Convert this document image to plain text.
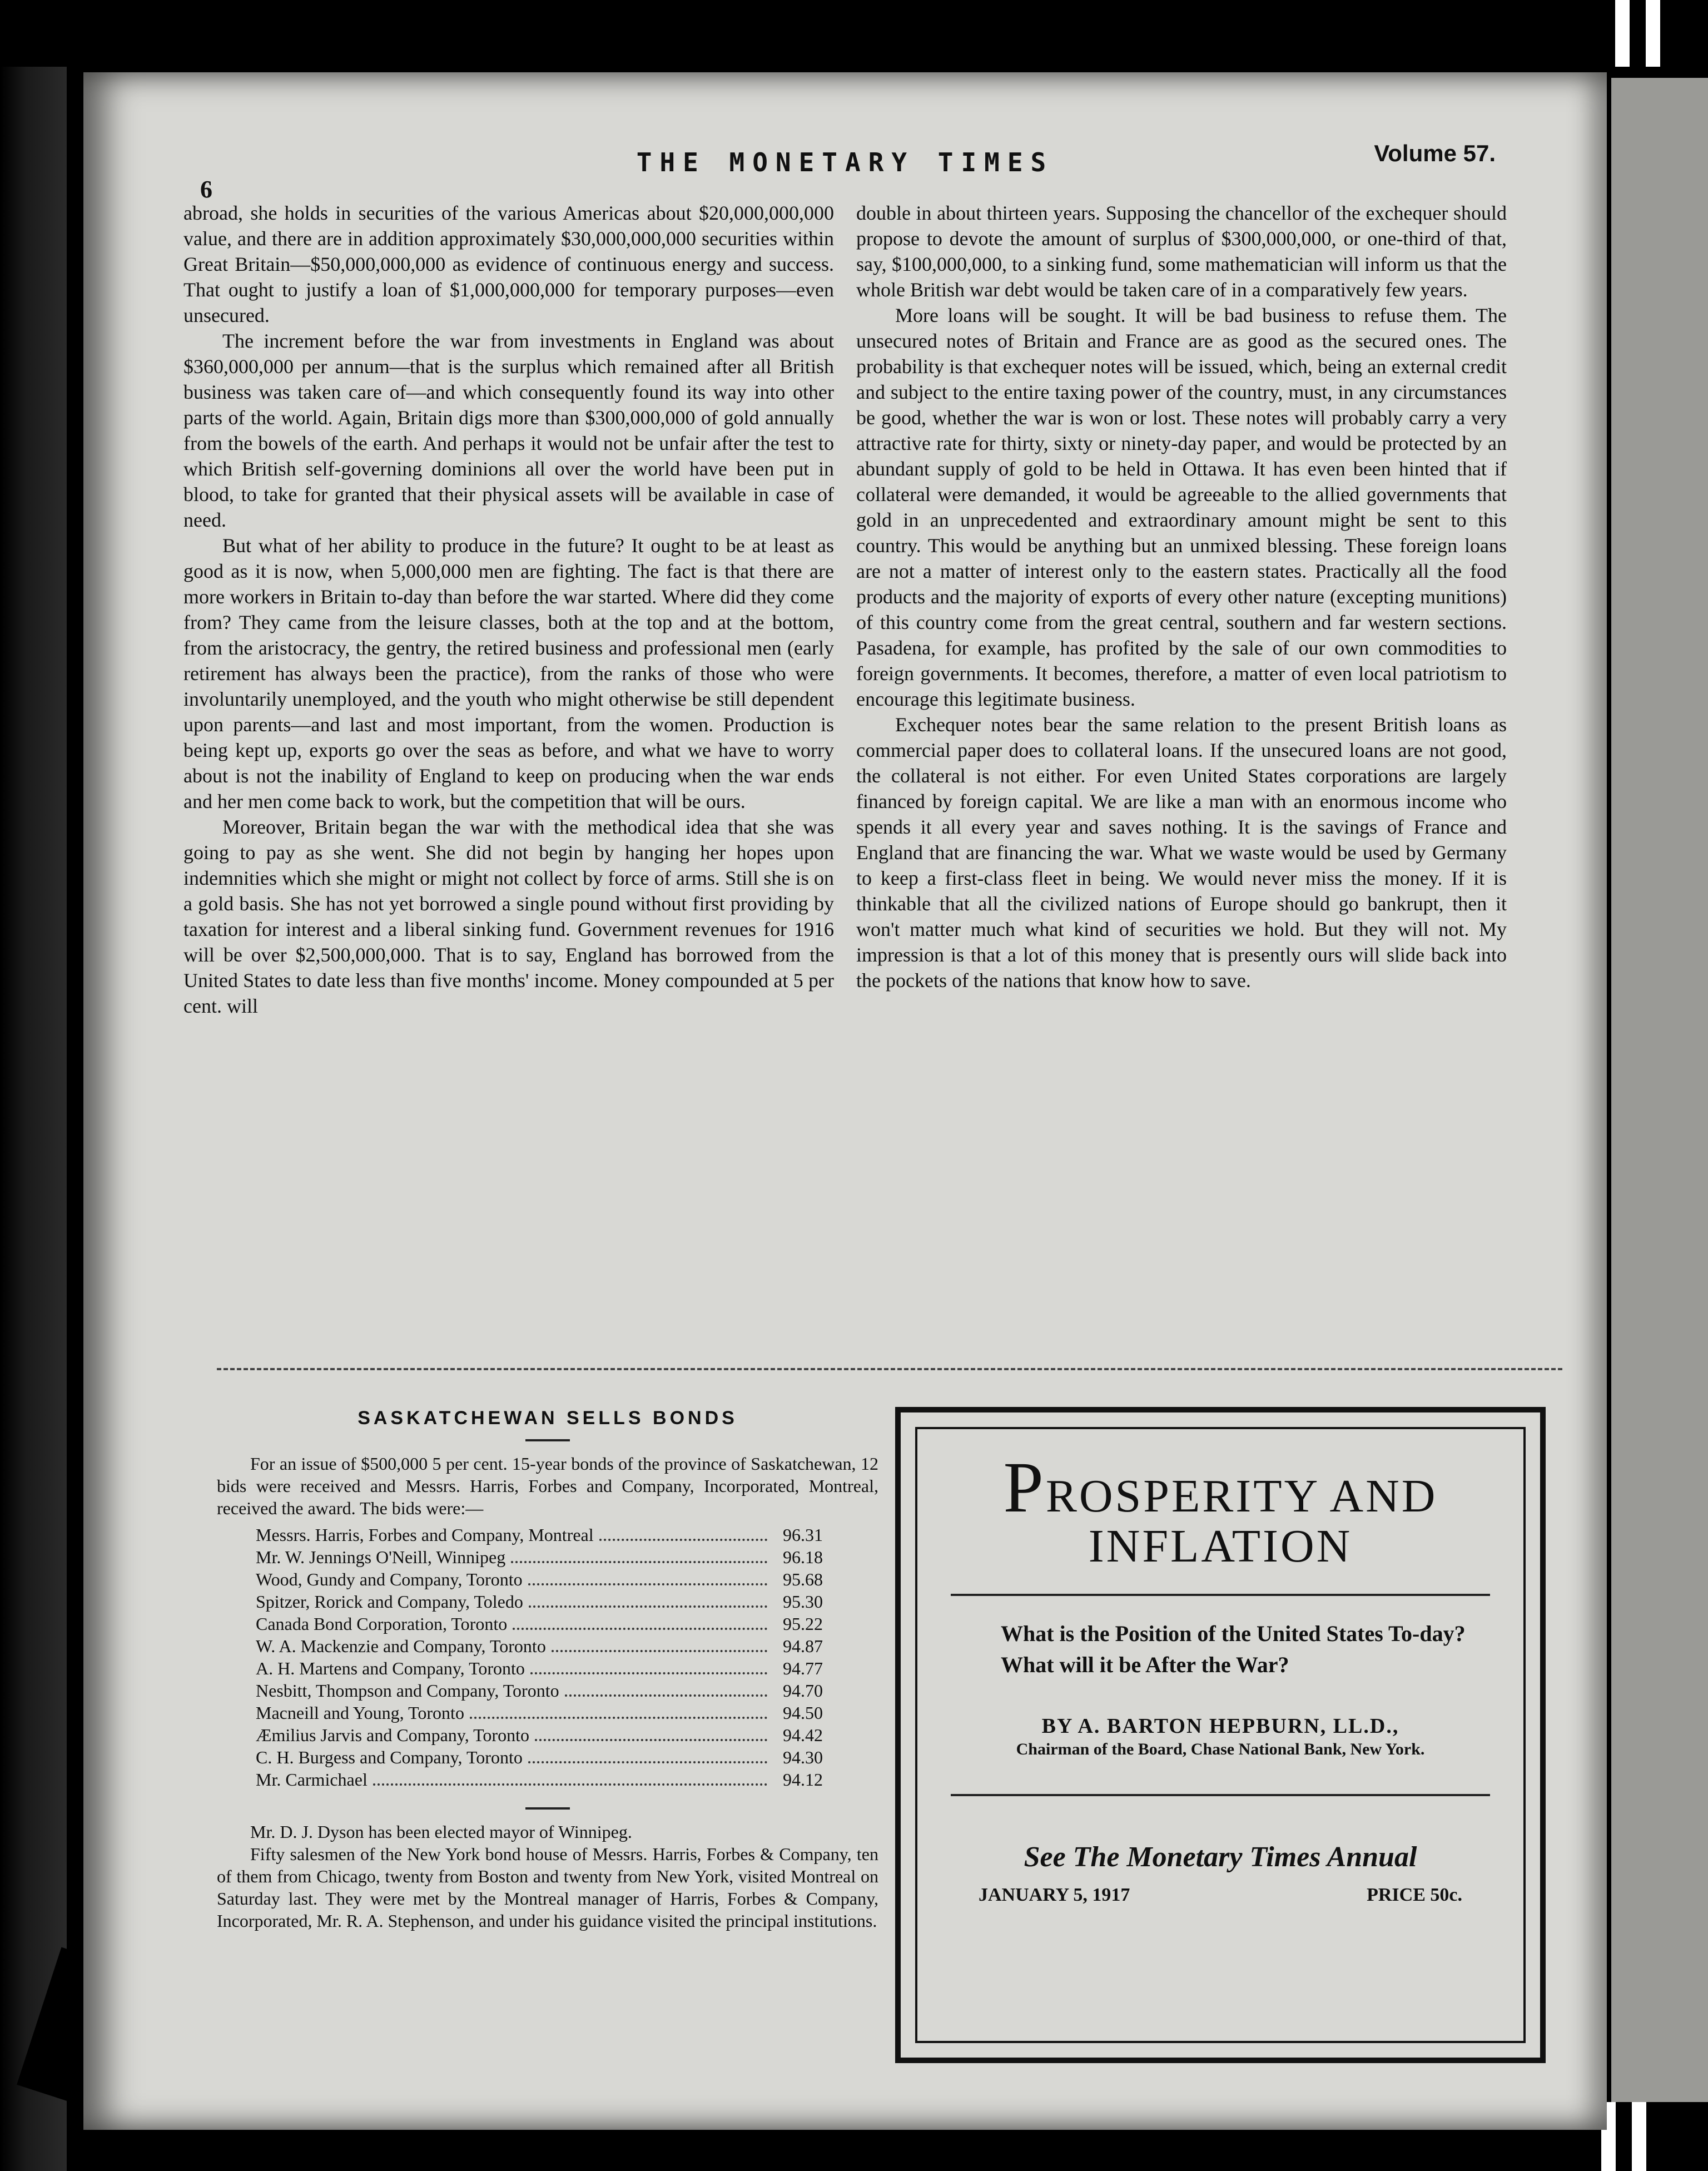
6
THE MONETARY TIMES	Volume 57.

abroad, she holds in securities of the various Americas about $20,000,000,000 value, and there are in addition approximately $30,000,000,000 securities within Great Britain—$50,000,000,000 as evidence of continuous energy and success. That ought to justify a loan of $1,000,000,000 for temporary purposes—even unsecured.

The increment before the war from investments in England was about $360,000,000 per annum—that is the surplus which remained after all British business was taken care of—and which consequently found its way into other parts of the world. Again, Britain digs more than $300,000,000 of gold annually from the bowels of the earth. And perhaps it would not be unfair after the test to which British self-governing dominions all over the world have been put in blood, to take for granted that their physical assets will be available in case of need.

But what of her ability to produce in the future? It ought to be at least as good as it is now, when 5,000,000 men are fighting. The fact is that there are more workers in Britain to-day than before the war started. Where did they come from? They came from the leisure classes, both at the top and at the bottom, from the aristocracy, the gentry, the retired business and professional men (early retirement has always been the practice), from the ranks of those who were involuntarily unemployed, and the youth who might otherwise be still dependent upon parents—and last and most important, from the women. Production is being kept up, exports go over the seas as before, and what we have to worry about is not the inability of England to keep on producing when the war ends and her men come back to work, but the competition that will be ours.

Moreover, Britain began the war with the methodical idea that she was going to pay as she went. She did not begin by hanging her hopes upon indemnities which she might or might not collect by force of arms. Still she is on a gold basis. She has not yet borrowed a single pound without first providing by taxation for interest and a liberal sinking fund. Government revenues for 1916 will be over $2,500,000,000. That is to say, England has borrowed from the United States to date less than five months' income. Money compounded at 5 per cent. will

double in about thirteen years. Supposing the chancellor of the exchequer should propose to devote the amount of surplus of $300,000,000, or one-third of that, say, $100,000,000, to a sinking fund, some mathematician will inform us that the whole British war debt would be taken care of in a comparatively few years.

More loans will be sought. It will be bad business to refuse them. The unsecured notes of Britain and France are as good as the secured ones. The probability is that exchequer notes will be issued, which, being an external credit and subject to the entire taxing power of the country, must, in any circumstances be good, whether the war is won or lost. These notes will probably carry a very attractive rate for thirty, sixty or ninety-day paper, and would be protected by an abundant supply of gold to be held in Ottawa. It has even been hinted that if collateral were demanded, it would be agreeable to the allied governments that gold in an unprecedented and extraordinary amount might be sent to this country. This would be anything but an unmixed blessing. These foreign loans are not a matter of interest only to the eastern states. Practically all the food products and the majority of exports of every other nature (excepting munitions) of this country come from the great central, southern and far western sections. Pasadena, for example, has profited by the sale of our own commodities to foreign governments. It becomes, therefore, a matter of even local patriotism to encourage this legitimate business.

Exchequer notes bear the same relation to the present British loans as commercial paper does to collateral loans. If the unsecured loans are not good, the collateral is not either. For even United States corporations are largely financed by foreign capital. We are like a man with an enormous income who spends it all every year and saves nothing. It is the savings of France and England that are financing the war. What we waste would be used by Germany to keep a first-class fleet in being. We would never miss the money. If it is thinkable that all the civilized nations of Europe should go bankrupt, then it won't matter much what kind of securities we hold. But they will not. My impression is that a lot of this money that is presently ours will slide back into the pockets of the nations that know how to save.

SASKATCHEWAN SELLS BONDS

For an issue of $500,000 5 per cent. 15-year bonds of the province of Saskatchewan, 12 bids were received and Messrs. Harris, Forbes and Company, Incorporated, Montreal, received the award. The bids were:—

Messrs. Harris, Forbes and Company, Montreal	96.31
Mr. W. Jennings O'Neill, Winnipeg	96.18
Wood, Gundy and Company, Toronto	95.68
Spitzer, Rorick and Company, Toledo	95.30
Canada Bond Corporation, Toronto	95.22
W. A. Mackenzie and Company, Toronto	94.87
A. H. Martens and Company, Toronto	94.77
Nesbitt, Thompson and Company, Toronto	94.70
Macneill and Young, Toronto	94.50
Æmilius Jarvis and Company, Toronto	94.42
C. H. Burgess and Company, Toronto	94.30
Mr. Carmichael	94.12

Mr. D. J. Dyson has been elected mayor of Winnipeg.

Fifty salesmen of the New York bond house of Messrs. Harris, Forbes & Company, ten of them from Chicago, twenty from Boston and twenty from New York, visited Montreal on Saturday last. They were met by the Montreal manager of Harris, Forbes & Company, Incorporated, Mr. R. A. Stephenson, and under his guidance visited the principal institutions.

PROSPERITY AND
INFLATION
What is the Position of the United States To-day? What will it be After the War?
BY A. BARTON HEPBURN, LL.D.,
Chairman of the Board, Chase National Bank, New York.
See The Monetary Times Annual
JANUARY 5, 1917	PRICE 50c.
